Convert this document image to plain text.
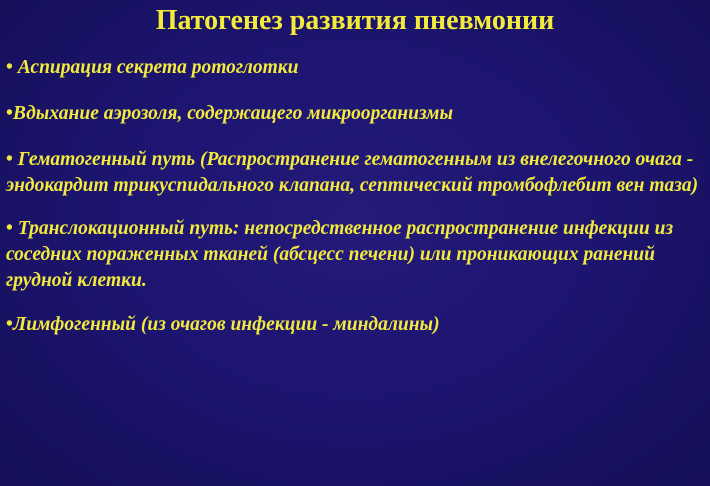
Патогенез развития пневмонии

• Аспирация секрета ротоглотки

•Вдыхание аэрозоля, содержащего микроорганизмы

• Гематогенный путь (Распространение гематогенным из внелегочного очага - эндокардит трикуспидального клапана, септический тромбофлебит вен таза)

• Транслокационный путь: непосредственное распространение инфекции из соседних пораженных тканей (абсцесс печени) или проникающих ранений грудной клетки.

•Лимфогенный (из очагов инфекции - миндалины)
